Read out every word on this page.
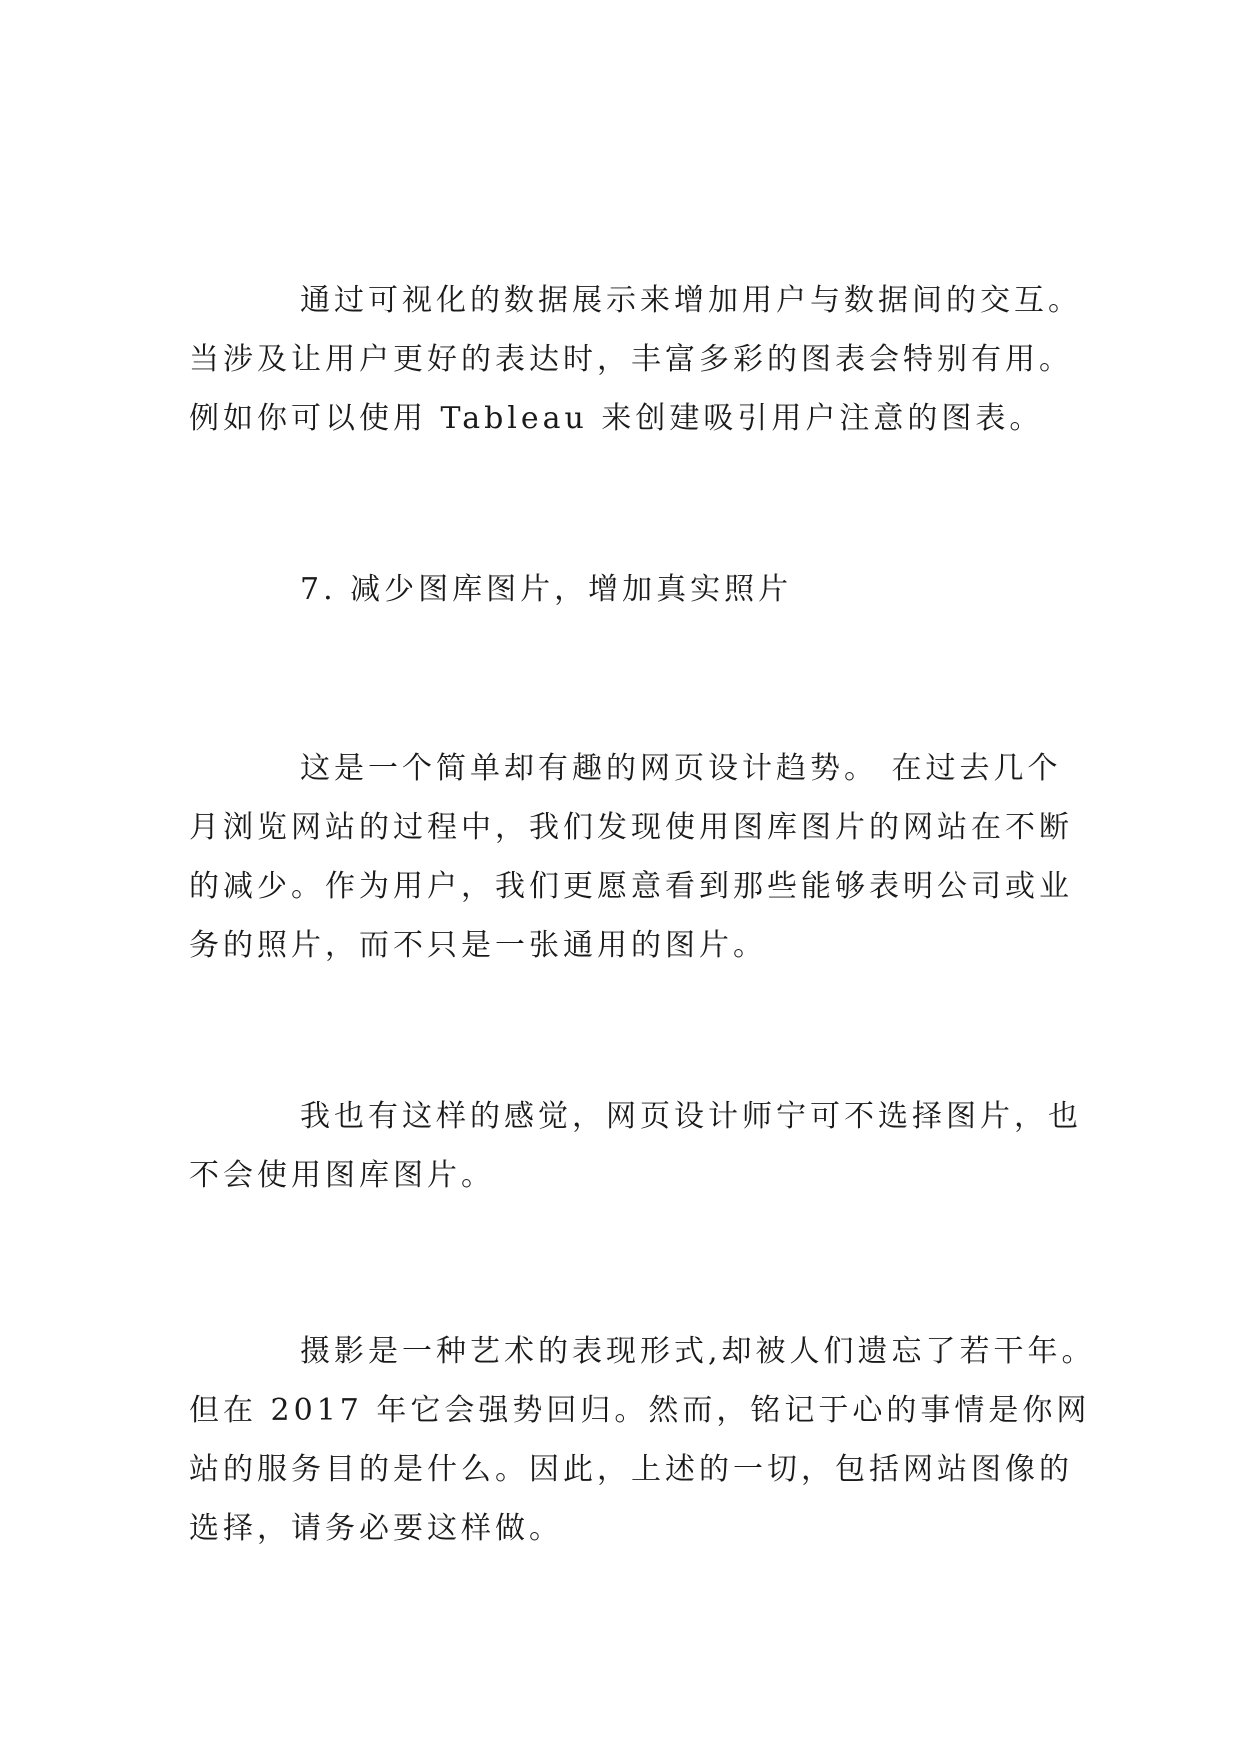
通过可视化的数据展示来增加用户与数据间的交互。
当涉及让用户更好的表达时，丰富多彩的图表会特别有用。
例如你可以使用 Tableau 来创建吸引用户注意的图表。
7. 减少图库图片，增加真实照片
这是一个简单却有趣的网页设计趋势。 在过去几个
月浏览网站的过程中，我们发现使用图库图片的网站在不断
的减少。作为用户，我们更愿意看到那些能够表明公司或业
务的照片，而不只是一张通用的图片。
我也有这样的感觉，网页设计师宁可不选择图片，也
不会使用图库图片。
摄影是一种艺术的表现形式,却被人们遗忘了若干年。
但在 2017 年它会强势回归。然而，铭记于心的事情是你网
站的服务目的是什么。因此，上述的一切，包括网站图像的
选择，请务必要这样做。
